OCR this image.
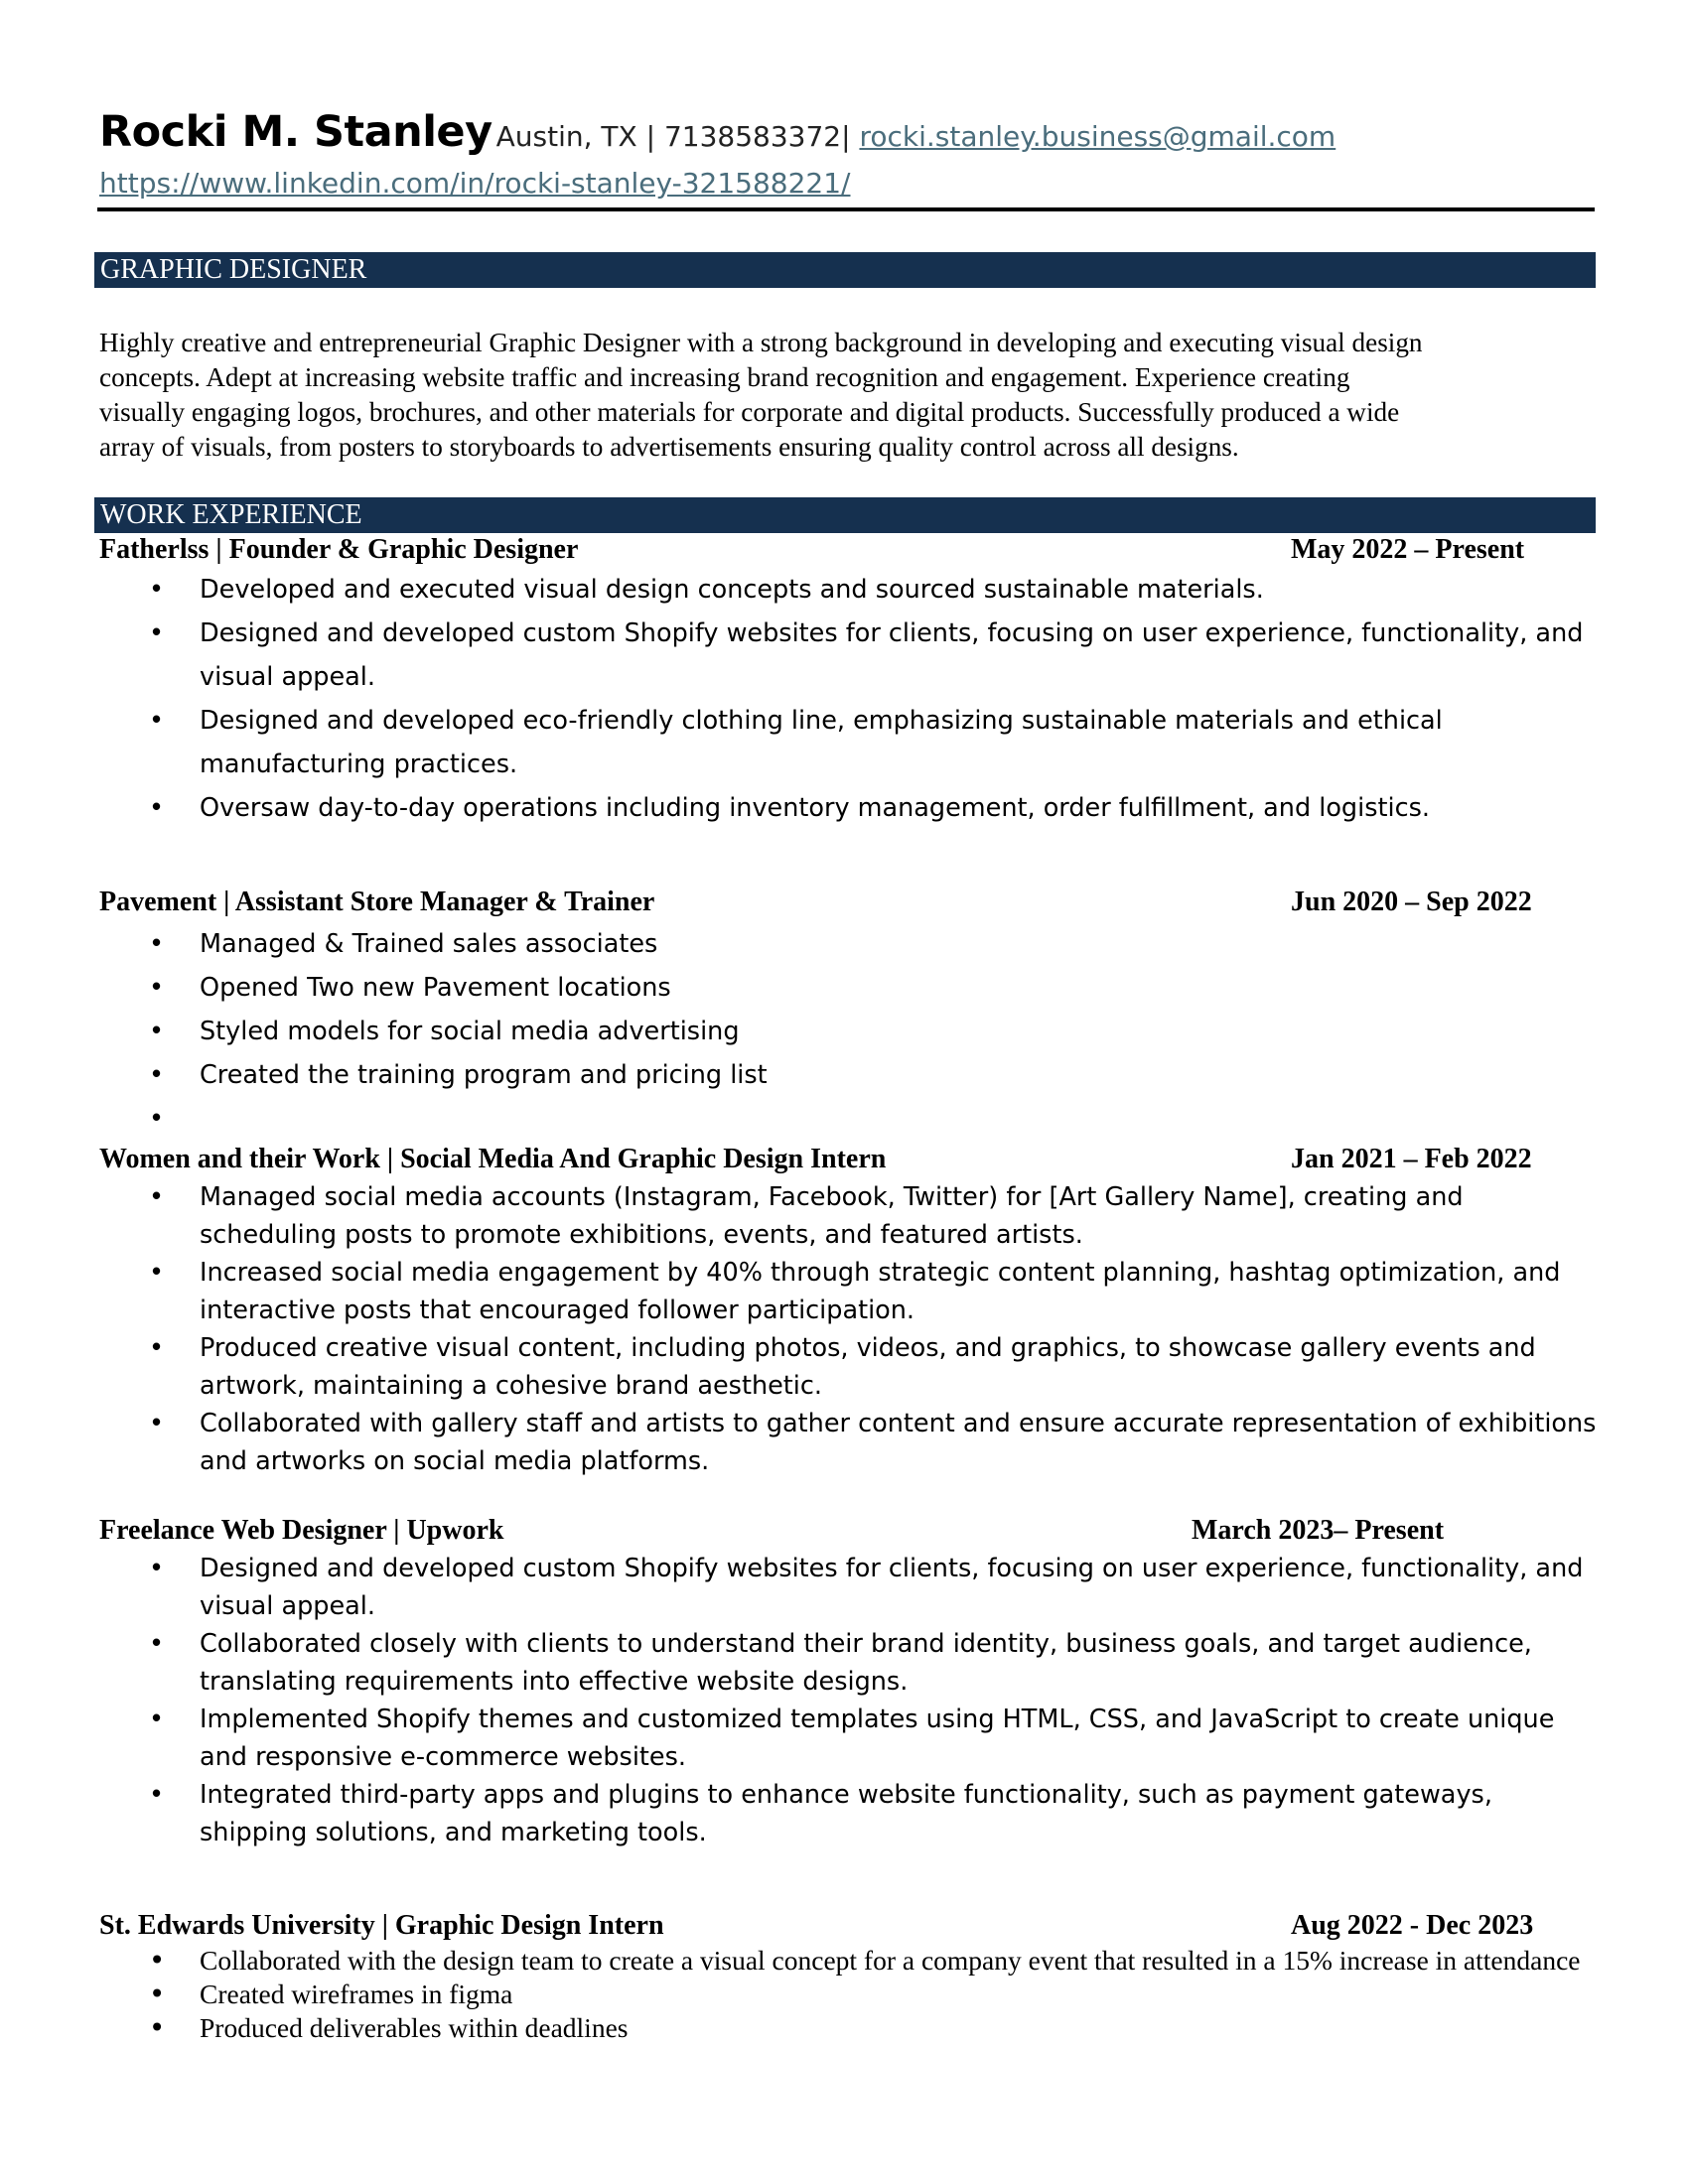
Rocki M. Stanley Austin, TX | 7138583372| rocki.stanley.business@gmail.com
https://www.linkedin.com/in/rocki-stanley-321588221/
GRAPHIC DESIGNER
Highly creative and entrepreneurial Graphic Designer with a strong background in developing and executing visual design
concepts. Adept at increasing website traffic and increasing brand recognition and engagement. Experience creating
visually engaging logos, brochures, and other materials for corporate and digital products. Successfully produced a wide
array of visuals, from posters to storyboards to advertisements ensuring quality control across all designs.
WORK EXPERIENCE
Fatherlss | Founder & Graphic Designer	May 2022 – Present
• Developed and executed visual design concepts and sourced sustainable materials.
• Designed and developed custom Shopify websites for clients, focusing on user experience, functionality, and visual appeal.
• Designed and developed eco-friendly clothing line, emphasizing sustainable materials and ethical manufacturing practices.
• Oversaw day-to-day operations including inventory management, order fulfillment, and logistics.
Pavement | Assistant Store Manager & Trainer	Jun 2020 – Sep 2022
• Managed & Trained sales associates
• Opened Two new Pavement locations
• Styled models for social media advertising
• Created the training program and pricing list
•
Women and their Work | Social Media And Graphic Design Intern	Jan 2021 – Feb 2022
• Managed social media accounts (Instagram, Facebook, Twitter) for [Art Gallery Name], creating and scheduling posts to promote exhibitions, events, and featured artists.
• Increased social media engagement by 40% through strategic content planning, hashtag optimization, and interactive posts that encouraged follower participation.
• Produced creative visual content, including photos, videos, and graphics, to showcase gallery events and artwork, maintaining a cohesive brand aesthetic.
• Collaborated with gallery staff and artists to gather content and ensure accurate representation of exhibitions and artworks on social media platforms.
Freelance Web Designer | Upwork	March 2023– Present
• Designed and developed custom Shopify websites for clients, focusing on user experience, functionality, and visual appeal.
• Collaborated closely with clients to understand their brand identity, business goals, and target audience, translating requirements into effective website designs.
• Implemented Shopify themes and customized templates using HTML, CSS, and JavaScript to create unique and responsive e-commerce websites.
• Integrated third-party apps and plugins to enhance website functionality, such as payment gateways, shipping solutions, and marketing tools.
St. Edwards University | Graphic Design Intern	Aug 2022 - Dec 2023
• Collaborated with the design team to create a visual concept for a company event that resulted in a 15% increase in attendance
• Created wireframes in figma
• Produced deliverables within deadlines
